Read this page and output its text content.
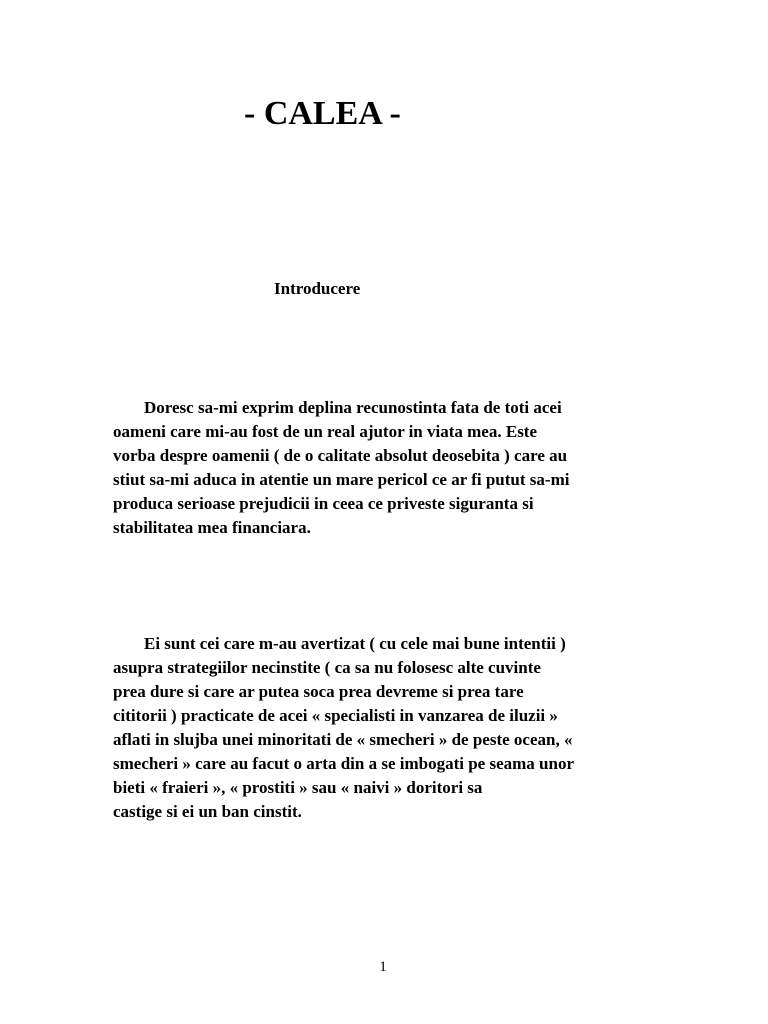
- CALEA -
Introducere
Doresc sa-mi exprim deplina recunostinta fata de toti acei
oameni care mi-au fost de un real ajutor in viata mea. Este
vorba despre oamenii ( de o calitate absolut deosebita ) care au
stiut sa-mi aduca in atentie un mare pericol ce ar fi putut sa-mi
produca serioase prejudicii in ceea ce priveste siguranta si
stabilitatea mea financiara.
Ei sunt cei care m-au avertizat ( cu cele mai bune intentii )
asupra strategiilor necinstite ( ca sa nu folosesc alte cuvinte
prea dure si care ar putea soca prea devreme si prea tare
cititorii ) practicate de acei « specialisti in vanzarea de iluzii »
aflati in slujba unei minoritati de « smecheri » de peste ocean, «
smecheri » care au facut o arta din a se imbogati pe seama unor
bieti « fraieri », « prostiti » sau « naivi » doritori sa
castige si ei un ban cinstit.
1
